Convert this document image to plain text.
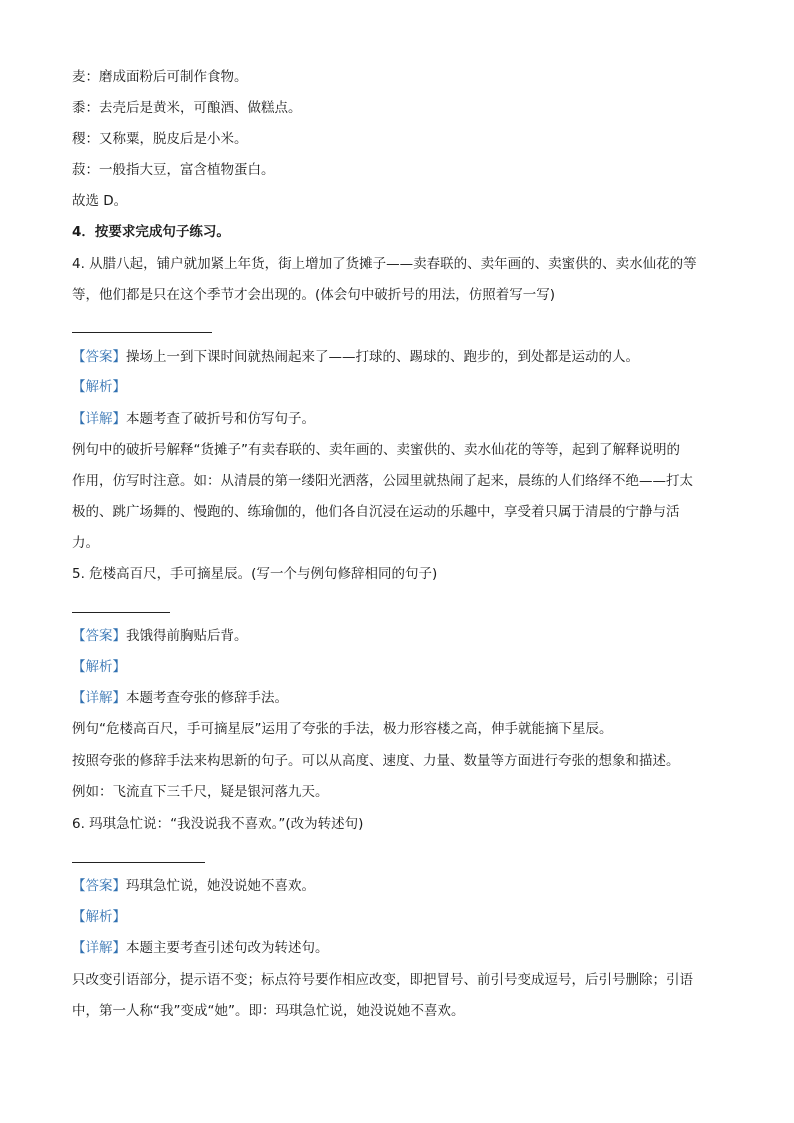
麦：磨成面粉后可制作食物。
黍：去壳后是黄米，可酿酒、做糕点。
稷：又称粟，脱皮后是小米。
菽：一般指大豆，富含植物蛋白。
故选 D。
4．按要求完成句子练习。
4. 从腊八起，铺户就加紧上年货，街上增加了货摊子——卖春联的、卖年画的、卖蜜供的、卖水仙花的等
等，他们都是只在这个季节才会出现的。(体会句中破折号的用法，仿照着写一写)
【答案】操场上一到下课时间就热闹起来了——打球的、踢球的、跑步的，到处都是运动的人。
【解析】
【详解】本题考查了破折号和仿写句子。
例句中的破折号解释“货摊子”有卖春联的、卖年画的、卖蜜供的、卖水仙花的等等，起到了解释说明的
作用，仿写时注意。如：从清晨的第一缕阳光洒落，公园里就热闹了起来，晨练的人们络绎不绝——打太
极的、跳广场舞的、慢跑的、练瑜伽的，他们各自沉浸在运动的乐趣中，享受着只属于清晨的宁静与活
力。
5. 危楼高百尺，手可摘星辰。(写一个与例句修辞相同的句子)
【答案】我饿得前胸贴后背。
【解析】
【详解】本题考查夸张的修辞手法。
例句“危楼高百尺，手可摘星辰”运用了夸张的手法，极力形容楼之高，伸手就能摘下星辰。
按照夸张的修辞手法来构思新的句子。可以从高度、速度、力量、数量等方面进行夸张的想象和描述。
例如：飞流直下三千尺，疑是银河落九天。
6. 玛琪急忙说：“我没说我不喜欢。”(改为转述句)
【答案】玛琪急忙说，她没说她不喜欢。
【解析】
【详解】本题主要考查引述句改为转述句。
只改变引语部分，提示语不变；标点符号要作相应改变，即把冒号、前引号变成逗号，后引号删除；引语
中，第一人称“我”变成“她”。即：玛琪急忙说，她没说她不喜欢。
